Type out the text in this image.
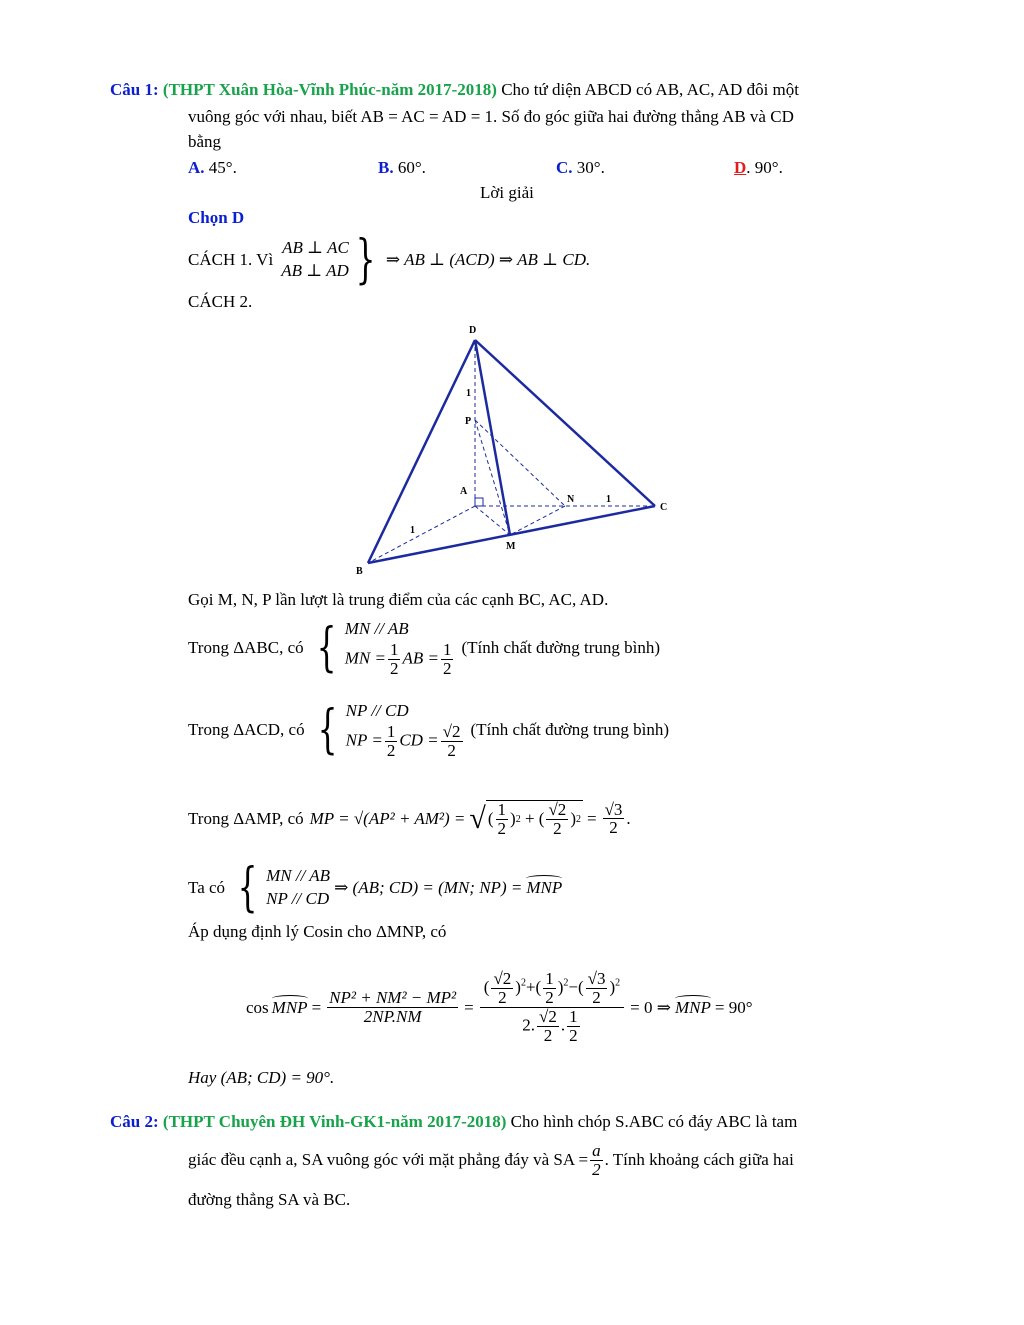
Câu 1: (THPT Xuân Hòa-Vĩnh Phúc-năm 2017-2018) Cho tứ diện ABCD có AB, AC, AD đôi một
vuông góc với nhau, biết AB = AC = AD = 1. Số đo góc giữa hai đường thẳng AB và CD
bằng
A. 45°.	B. 60°.	C. 30°.	D. 90°.
Lời giải
Chọn D
CÁCH 1. Vì
AB ⊥ AC
AB ⊥ AD } ⇒ AB ⊥ (ACD) ⇒ AB ⊥ CD.
CÁCH 2.
D
P
A
N
C
B
M
1
1
1
Gọi M, N, P lần lượt là trung điểm của các cạnh BC, AC, AD.
Trong ΔABC, có { MN // AB
MN = $\frac{1}{2}$ AB = $\frac{1}{2}$ (Tính chất đường trung bình)
Trong ΔACD, có { NP // CD
NP = $\frac{1}{2}$ CD = $\frac{√2}{2}$ (Tính chất đường trung bình)
Trong ΔAMP, có MP = √(AP² + AM²) = √ ( $\frac{1}{2}$ ) 2 + ( $\frac{√2}{2}$ ) $2 = \frac{√3}{2}$ .
Ta có { MN // AB
NP // CD
⇒ (AB; CD) = (MN; NP) = MNP
Áp dụng định lý Cosin cho ΔMNP, có
cos MNP = $\frac{\text{NP² + NM² − MP²}}{2NP.NM} = \frac{( \frac{√2}{2} )^2+( \frac{1}{2} )^2-( \frac{√3}{2} )^2}{2. \frac{√2}{2} . \frac{1}{2}} = 0$ ⇒ MNP = 90°
Hay (AB; CD) = 90°.
Câu 2: (THPT Chuyên ĐH Vinh-GK1-năm 2017-2018) Cho hình chóp S.ABC có đáy ABC là tam
giác đều cạnh a, SA vuông góc với mặt phẳng đáy và SA = $\frac{a}{2}$ . Tính khoảng cách giữa hai
đường thẳng SA và BC.
